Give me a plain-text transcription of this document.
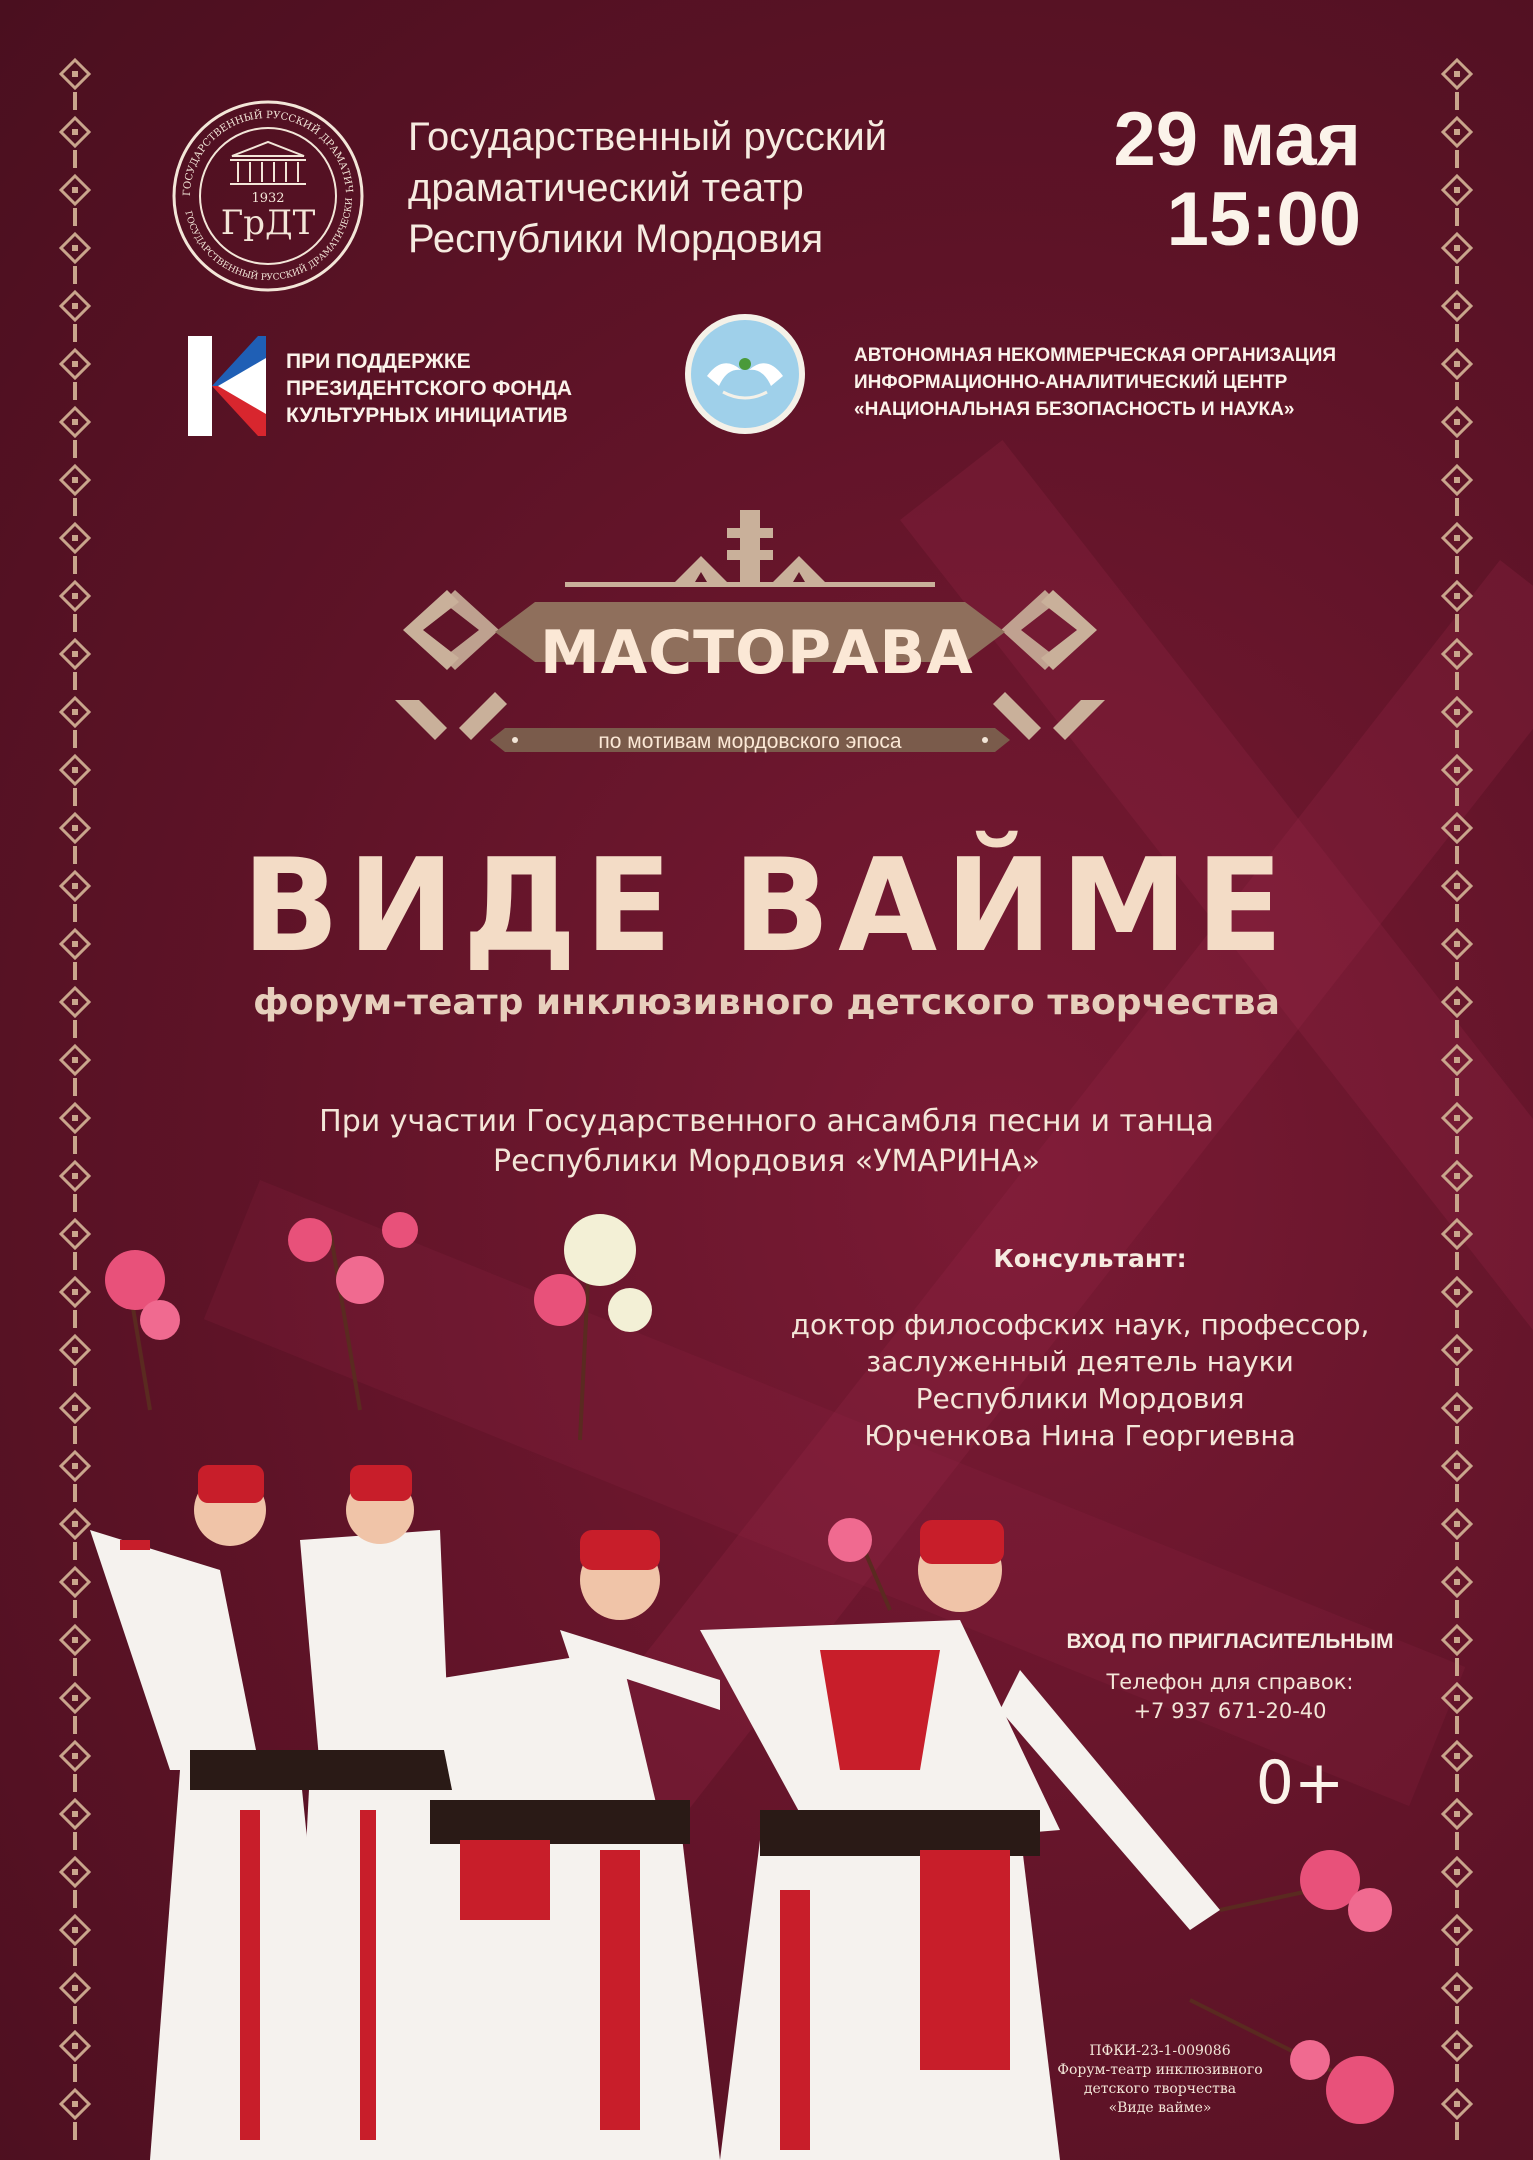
ГОСУДАРСТВЕННЫЙ РУССКИЙ ДРАМАТИЧ
ГОСУДАРСТВЕННЫЙ РУССКИЙ ДРАМАТИЧЕСКИ
1932
ГрДТ
Государственный русский
драматический театр
Республики Мордовия
29 мая
15:00
ПРИ ПОДДЕРЖКЕ
ПРЕЗИДЕНТСКОГО ФОНДА
КУЛЬТУРНЫХ ИНИЦИАТИВ
АВТОНОМНАЯ НЕКОММЕРЧЕСКАЯ ОРГАНИЗАЦИЯ
ИНФОРМАЦИОННО-АНАЛИТИЧЕСКИЙ ЦЕНТР
«НАЦИОНАЛЬНАЯ БЕЗОПАСНОСТЬ И НАУКА»
МАСТОРАВА
по мотивам мордовского эпоса
ВИДЕ ВАЙМЕ
форум-театр инклюзивного детского творчества
При участии Государственного ансамбля песни и танца
Республики Мордовия «УМАРИНА»
Консультант:
доктор философских наук, профессор,
заслуженный деятель науки
Республики Мордовия
Юрченкова Нина Георгиевна
ВХОД ПО ПРИГЛАСИТЕЛЬНЫМ
Телефон для справок:
+7 937 671-20-40
0+
ПФКИ-23-1-009086
Форум-театр инклюзивного
детского творчества
«Виде вайме»
